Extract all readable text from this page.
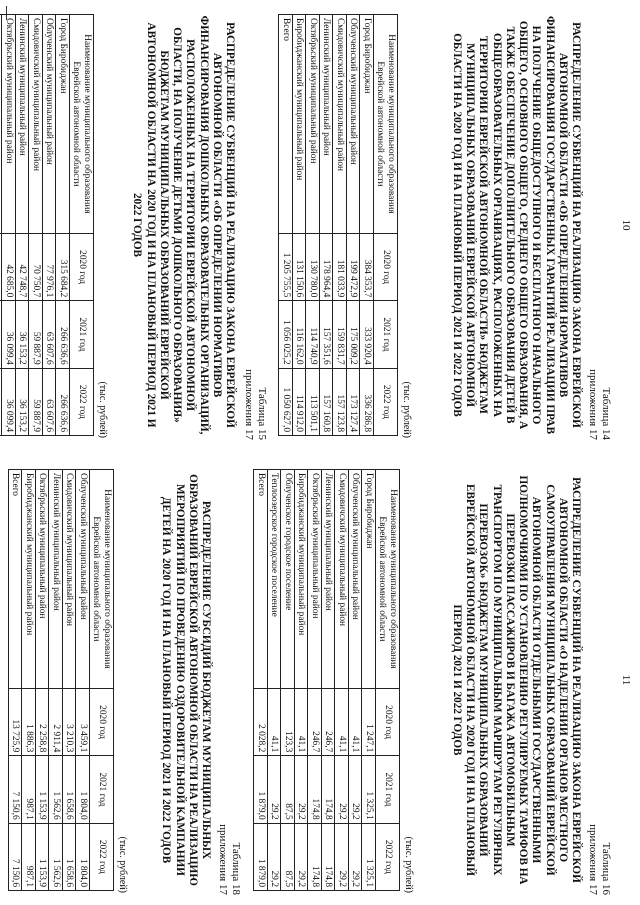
10
Таблица 14
приложения 17
РАСПРЕДЕЛЕНИЕ СУБВЕНЦИЙ НА РЕАЛИЗАЦИЮ ЗАКОНА ЕВРЕЙСКОЙ АВТОНОМНОЙ ОБЛАСТИ «ОБ ОПРЕДЕЛЕНИИ НОРМАТИВОВ ФИНАНСИРОВАНИЯ ГОСУДАРСТВЕННЫХ ГАРАНТИЙ РЕАЛИЗАЦИИ ПРАВ НА ПОЛУЧЕНИЕ ОБЩЕДОСТУПНОГО И БЕСПЛАТНОГО НАЧАЛЬНОГО ОБЩЕГО, ОСНОВНОГО ОБЩЕГО, СРЕДНЕГО ОБЩЕГО ОБРАЗОВАНИЯ, А ТАКЖЕ ОБЕСПЕЧЕНИЕ ДОПОЛНИТЕЛЬНОГО ОБРАЗОВАНИЯ ДЕТЕЙ В ОБЩЕОБРАЗОВАТЕЛЬНЫХ ОРГАНИЗАЦИЯХ, РАСПОЛОЖЕННЫХ НА ТЕРРИТОРИИ ЕВРЕЙСКОЙ АВТОНОМНОЙ ОБЛАСТИ» БЮДЖЕТАМ МУНИЦИПАЛЬНЫХ ОБРАЗОВАНИЙ ЕВРЕЙСКОЙ АВТОНОМНОЙ ОБЛАСТИ НА 2020 ГОД И НА ПЛАНОВЫЙ ПЕРИОД 2021 И 2022 ГОДОВ
(тыс. рублей)
Наименование муниципального образования Еврейской автономной области	2020 год	2021 год	2022 год
Город Биробиджан	384 353,7	333 920,4	336 286,8
Облученский муниципальный район	199 472,9	175 009,2	173 127,4
Смидовичский муниципальный район	181 033,9	159 831,7	157 123,8
Ленинский муниципальный район	178 964,4	157 351,6	157 160,8
Октябрьский муниципальный район	130 780,0	114 740,9	113 501,1
Биробиджанский муниципальный район	131 150,6	116 162,0	114 912,0
Всего	1 205 755,5	1 056 025,2	1 050 627,0
Таблица 15
приложения 17
РАСПРЕДЕЛЕНИЕ СУБВЕНЦИЙ НА РЕАЛИЗАЦИЮ ЗАКОНА ЕВРЕЙСКОЙ АВТОНОМНОЙ ОБЛАСТИ «ОБ ОПРЕДЕЛЕНИИ НОРМАТИВОВ ФИНАНСИРОВАНИЯ ДОШКОЛЬНЫХ ОБРАЗОВАТЕЛЬНЫХ ОРГАНИЗАЦИЙ, РАСПОЛОЖЕННЫХ НА ТЕРРИТОРИИ ЕВРЕЙСКОЙ АВТОНОМНОЙ ОБЛАСТИ, НА ПОЛУЧЕНИЕ ДЕТЬМИ ДОШКОЛЬНОГО ОБРАЗОВАНИЯ» БЮДЖЕТАМ МУНИЦИПАЛЬНЫХ ОБРАЗОВАНИЙ ЕВРЕЙСКОЙ АВТОНОМНОЙ ОБЛАСТИ НА 2020 ГОД И НА ПЛАНОВЫЙ ПЕРИОД 2021 И 2022 ГОДОВ
(тыс. рублей)
Наименование муниципального образования Еврейской автономной области	2020 год	2021 год	2022 год
Город Биробиджан	315 684,2	266 636,6	266 636,6
Облученский муниципальный район	77 976,1	63 607,6	63 607,6
Смидовичский муниципальный район	70 750,7	59 887,9	59 887,9
Ленинский муниципальный район	42 748,7	36 153,2	36 153,2
Октябрьский муниципальный район	42 685,0	36 099,4	36 099,4

11
Таблица 16
приложения 17
РАСПРЕДЕЛЕНИЕ СУБВЕНЦИЙ НА РЕАЛИЗАЦИЮ ЗАКОНА ЕВРЕЙСКОЙ АВТОНОМНОЙ ОБЛАСТИ «О НАДЕЛЕНИИ ОРГАНОВ МЕСТНОГО САМОУПРАВЛЕНИЯ МУНИЦИПАЛЬНЫХ ОБРАЗОВАНИЙ ЕВРЕЙСКОЙ АВТОНОМНОЙ ОБЛАСТИ ОТДЕЛЬНЫМИ ГОСУДАРСТВЕННЫМИ ПОЛНОМОЧИЯМИ ПО УСТАНОВЛЕНИЮ РЕГУЛИРУЕМЫХ ТАРИФОВ НА ПЕРЕВОЗКИ ПАССАЖИРОВ И БАГАЖА АВТОМОБИЛЬНЫМ ТРАНСПОРТОМ ПО МУНИЦИПАЛЬНЫМ МАРШРУТАМ РЕГУЛЯРНЫХ ПЕРЕВОЗОК» БЮДЖЕТАМ МУНИЦИПАЛЬНЫХ ОБРАЗОВАНИЙ ЕВРЕЙСКОЙ АВТОНОМНОЙ ОБЛАСТИ НА 2020 ГОД И НА ПЛАНОВЫЙ ПЕРИОД 2021 И 2022 ГОДОВ
(тыс. рублей)
Наименование муниципального образования Еврейской автономной области	2020 год	2021 год	2022 год
Город Биробиджан	1 247,1	1 325,1	1 325,1
Облученский муниципальный район	41,1	29,2	29,2
Смидовичский муниципальный район	41,1	29,2	29,2
Ленинский муниципальный район	246,7	174,8	174,8
Октябрьский муниципальный район	246,7	174,8	174,8
Биробиджанский муниципальный район	41,1	29,2	29,2
Облученское городское поселение	123,3	87,5	87,5
Теплоозерское городское поселение	41,1	29,2	29,2
Всего	2 028,2	1 879,0	1 879,0
Таблица 18
приложения 17
РАСПРЕДЕЛЕНИЕ СУБСИДИЙ БЮДЖЕТАМ МУНИЦИПАЛЬНЫХ ОБРАЗОВАНИЙ ЕВРЕЙСКОЙ АВТОНОМНОЙ ОБЛАСТИ НА РЕАЛИЗАЦИЮ МЕРОПРИЯТИЙ ПО ПРОВЕДЕНИЮ ОЗДОРОВИТЕЛЬНОЙ КАМПАНИИ ДЕТЕЙ НА 2020 ГОД И НА ПЛАНОВЫЙ ПЕРИОД 2021 И 2022 ГОДОВ
(тыс. рублей)
Наименование муниципального образования Еврейской автономной области	2020 год	2021 год	2022 год
Облученский муниципальный район	3 459,1	1 804,0	1 804,0
Смидовичский муниципальный район	3 210,3	1 658,6	1 658,6
Ленинский муниципальный район	2 911,4	1 562,6	1 562,6
Октябрьский муниципальный район	2 258,8	1 153,9	1 153,9
Биробиджанский муниципальный район	1 886,3	987,1	987,1
Всего	13 725,9	7 150,6	7 150,6
